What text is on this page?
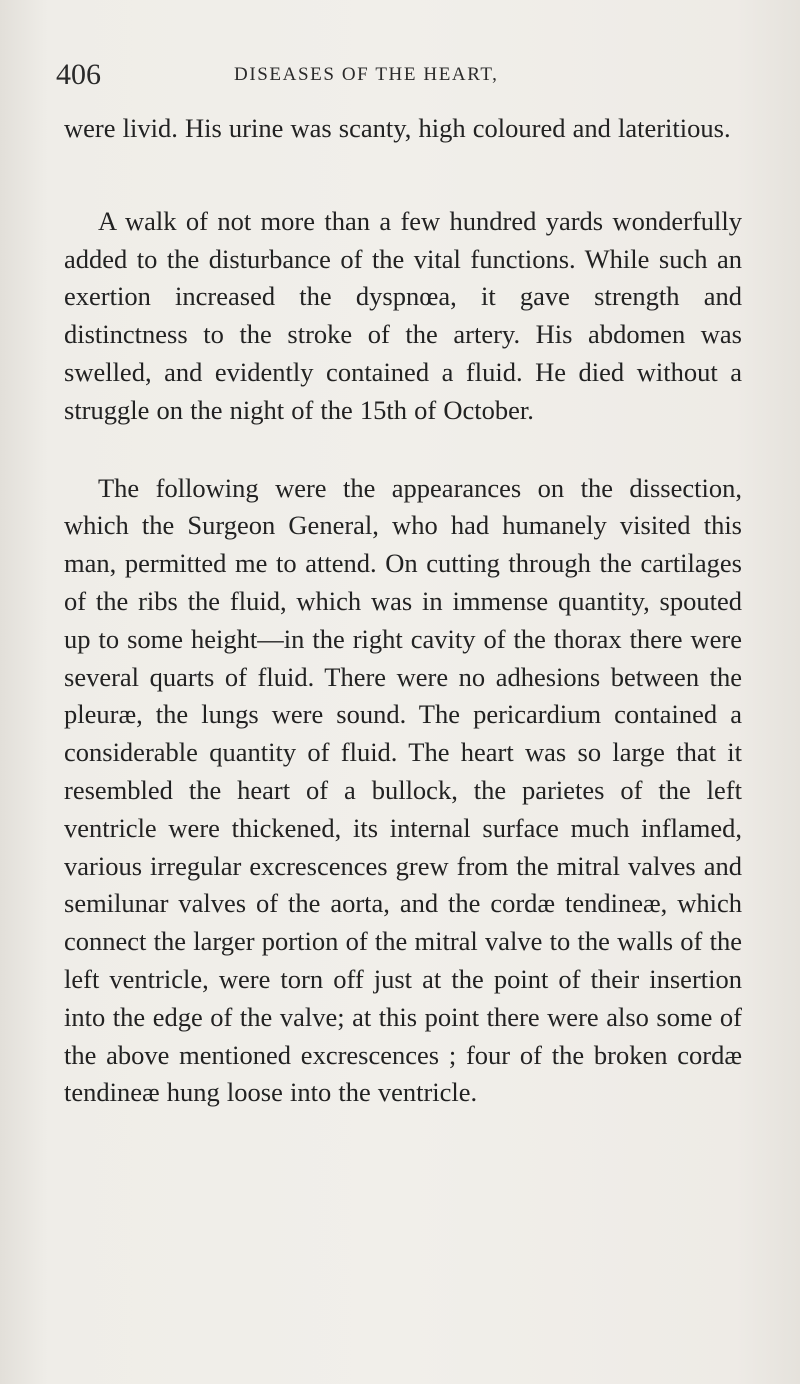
406	DISEASES OF THE HEART,

were livid. His urine was scanty, high coloured and lateritious.

A walk of not more than a few hundred yards wonderfully added to the disturbance of the vital functions. While such an exertion increased the dyspnœa, it gave strength and distinctness to the stroke of the artery. His abdomen was swelled, and evidently contained a fluid. He died without a struggle on the night of the 15th of October.

The following were the appearances on the dissection, which the Surgeon General, who had humanely visited this man, permitted me to attend. On cutting through the cartilages of the ribs the fluid, which was in immense quantity, spouted up to some height—in the right cavity of the thorax there were several quarts of fluid. There were no adhesions between the pleuræ, the lungs were sound. The pericardium contained a considerable quantity of fluid. The heart was so large that it resembled the heart of a bullock, the parietes of the left ventricle were thickened, its internal surface much inflamed, various irregular excrescences grew from the mitral valves and semilunar valves of the aorta, and the cordæ tendineæ, which connect the larger portion of the mitral valve to the walls of the left ventricle, were torn off just at the point of their insertion into the edge of the valve; at this point there were also some of the above mentioned excrescences ; four of the broken cordæ tendineæ hung loose into the ventricle.
